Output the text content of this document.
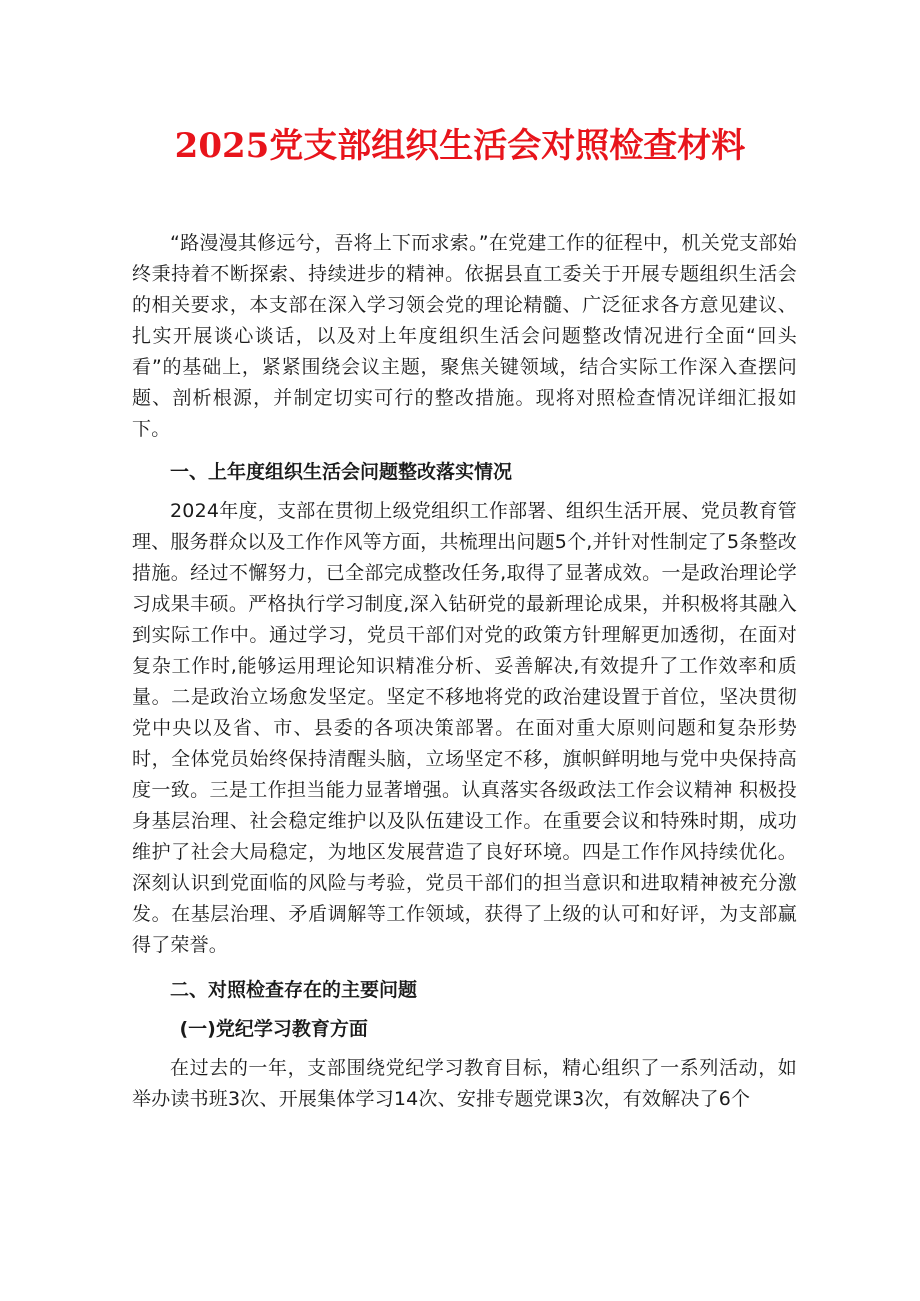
2025党支部组织生活会对照检查材料

“路漫漫其修远兮，吾将上下而求索。”在党建工作的征程中，机关党支部始终秉持着不断探索、持续进步的精神。依据县直工委关于开展专题组织生活会的相关要求，本支部在深入学习领会党的理论精髓、广泛征求各方意见建议、扎实开展谈心谈话，以及对上年度组织生活会问题整改情况进行全面“回头看”的基础上，紧紧围绕会议主题，聚焦关键领域，结合实际工作深入查摆问题、剖析根源，并制定切实可行的整改措施。现将对照检查情况详细汇报如下。

一、上年度组织生活会问题整改落实情况

2024年度，支部在贯彻上级党组织工作部署、组织生活开展、党员教育管理、服务群众以及工作作风等方面，共梳理出问题5个,并针对性制定了5条整改措施。经过不懈努力，已全部完成整改任务,取得了显著成效。一是政治理论学习成果丰硕。严格执行学习制度,深入钻研党的最新理论成果，并积极将其融入到实际工作中。通过学习，党员干部们对党的政策方针理解更加透彻，在面对复杂工作时,能够运用理论知识精准分析、妥善解决,有效提升了工作效率和质量。二是政治立场愈发坚定。坚定不移地将党的政治建设置于首位，坚决贯彻党中央以及省、市、县委的各项决策部署。在面对重大原则问题和复杂形势时，全体党员始终保持清醒头脑，立场坚定不移，旗帜鲜明地与党中央保持高度一致。三是工作担当能力显著增强。认真落实各级政法工作会议精神 积极投身基层治理、社会稳定维护以及队伍建设工作。在重要会议和特殊时期，成功维护了社会大局稳定，为地区发展营造了良好环境。四是工作作风持续优化。深刻认识到党面临的风险与考验，党员干部们的担当意识和进取精神被充分激发。在基层治理、矛盾调解等工作领域，获得了上级的认可和好评，为支部赢得了荣誉。

二、对照检查存在的主要问题

(一)党纪学习教育方面

在过去的一年，支部围绕党纪学习教育目标，精心组织了一系列活动，如举办读书班3次、开展集体学习14次、安排专题党课3次，有效解决了6个
